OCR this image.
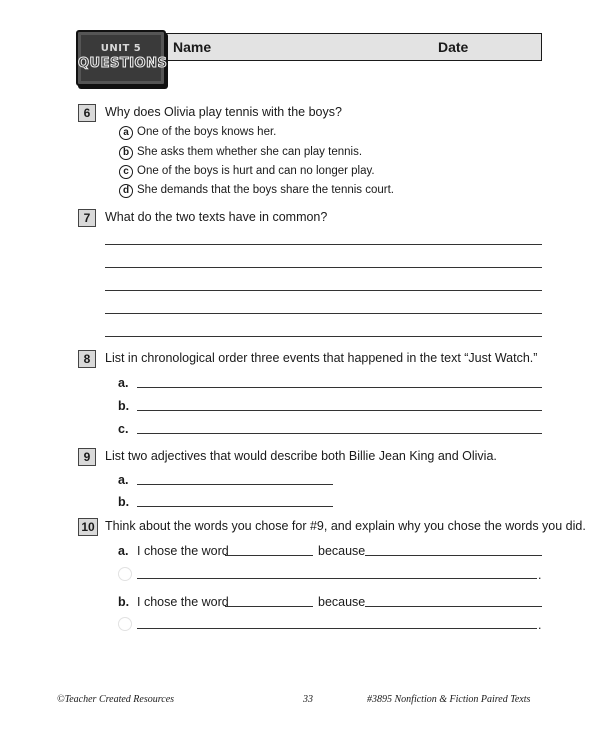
Name	Date
UNIT 5
QUESTIONS
6	Why does Olivia play tennis with the boys?
a One of the boys knows her.
b She asks them whether she can play tennis.
c One of the boys is hurt and can no longer play.
d She demands that the boys share the tennis court.
7	What do the two texts have in common?
8	List in chronological order three events that happened in the text “Just Watch.”
a.
b.
c.
9	List two adjectives that would describe both Billie Jean King and Olivia.
a.
b.
10 Think about the words you chose for #9, and explain why you chose the words you did.
a. I chose the word	because
.
b. I chose the word	because
.
©Teacher Created Resources	33	#3895 Nonfiction & Fiction Paired Texts
